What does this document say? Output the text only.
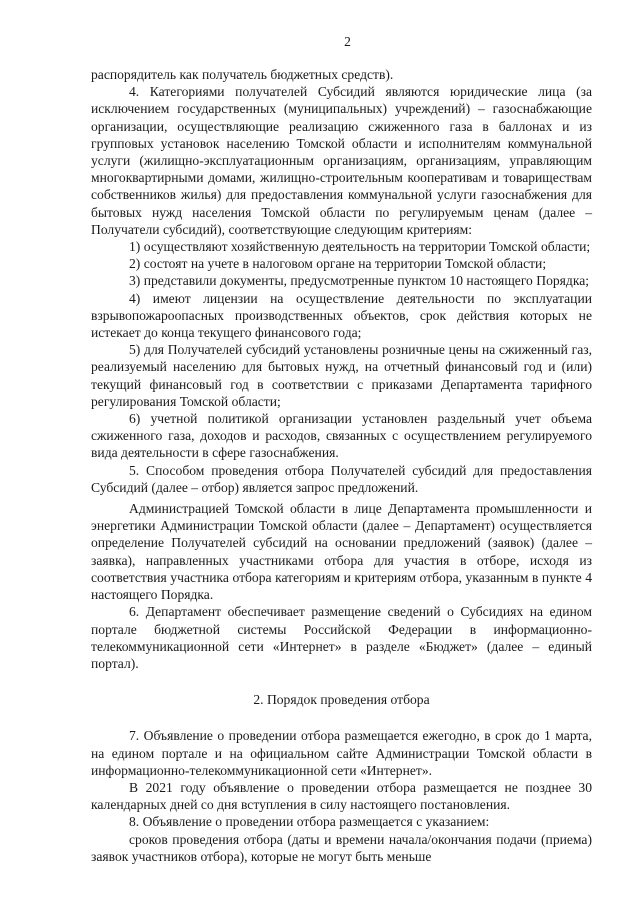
2

распорядитель как получатель бюджетных средств).

4. Категориями получателей Субсидий являются юридические лица (за исключением государственных (муниципальных) учреждений) – газоснабжающие организации, осуществляющие реализацию сжиженного газа в баллонах и из групповых установок населению Томской области и исполнителям коммунальной услуги (жилищно-эксплуатационным организациям, организациям, управляющим многоквартирными домами, жилищно-строительным кооперативам и товариществам собственников жилья) для предоставления коммунальной услуги газоснабжения для бытовых нужд населения Томской области по регулируемым ценам (далее – Получатели субсидий), соответствующие следующим критериям:

1) осуществляют хозяйственную деятельность на территории Томской области;

2) состоят на учете в налоговом органе на территории Томской области;

3) представили документы, предусмотренные пунктом 10 настоящего Порядка;

4) имеют лицензии на осуществление деятельности по эксплуатации взрывопожароопасных производственных объектов, срок действия которых не истекает до конца текущего финансового года;

5) для Получателей субсидий установлены розничные цены на сжиженный газ, реализуемый населению для бытовых нужд, на отчетный финансовый год и (или) текущий финансовый год в соответствии с приказами Департамента тарифного регулирования Томской области;

6) учетной политикой организации установлен раздельный учет объема сжиженного газа, доходов и расходов, связанных с осуществлением регулируемого вида деятельности в сфере газоснабжения.

5. Способом проведения отбора Получателей субсидий для предоставления Субсидий (далее – отбор) является запрос предложений.

Администрацией Томской области в лице Департамента промышленности и энергетики Администрации Томской области (далее – Департамент) осуществляется определение Получателей субсидий на основании предложений (заявок) (далее – заявка), направленных участниками отбора для участия в отборе, исходя из соответствия участника отбора категориям и критериям отбора, указанным в пункте 4 настоящего Порядка.

6. Департамент обеспечивает размещение сведений о Субсидиях на едином портале бюджетной системы Российской Федерации в информационно-телекоммуникационной сети «Интернет» в разделе «Бюджет» (далее – единый портал).

2. Порядок проведения отбора

7. Объявление о проведении отбора размещается ежегодно, в срок до 1 марта, на едином портале и на официальном сайте Администрации Томской области в информационно-телекоммуникационной сети «Интернет».

В 2021 году объявление о проведении отбора размещается не позднее 30 календарных дней со дня вступления в силу настоящего постановления.

8. Объявление о проведении отбора размещается с указанием:

сроков проведения отбора (даты и времени начала/окончания подачи (приема) заявок участников отбора), которые не могут быть меньше
